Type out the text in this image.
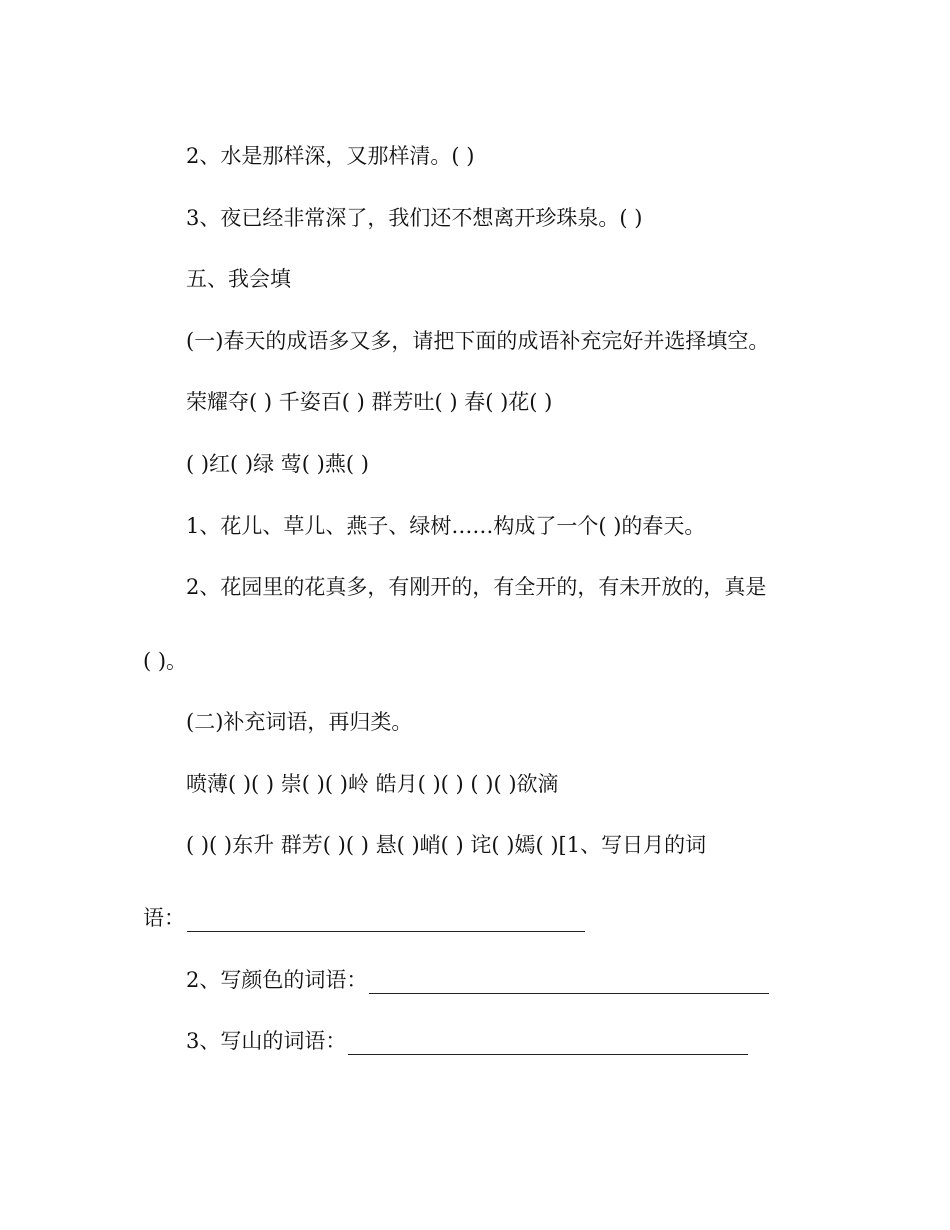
2、水是那样深，又那样清。( )
3、夜已经非常深了，我们还不想离开珍珠泉。( )
五、我会填
(一)春天的成语多又多，请把下面的成语补充完好并选择填空。
荣耀夺( ) 千姿百( ) 群芳吐( ) 春( )花( )
( )红( )绿 莺( )燕( )
1、花儿、草儿、燕子、绿树……构成了一个( )的春天。
2、花园里的花真多，有刚开的，有全开的，有未开放的，真是
( )。
(二)补充词语，再归类。
喷薄( )( ) 崇( )( )岭 皓月( )( ) ( )( )欲滴
( )( )东升 群芳( )( ) 悬( )峭( ) 诧( )嫣( )[1、写日月的词
语：
2、写颜色的词语：
3、写山的词语：
